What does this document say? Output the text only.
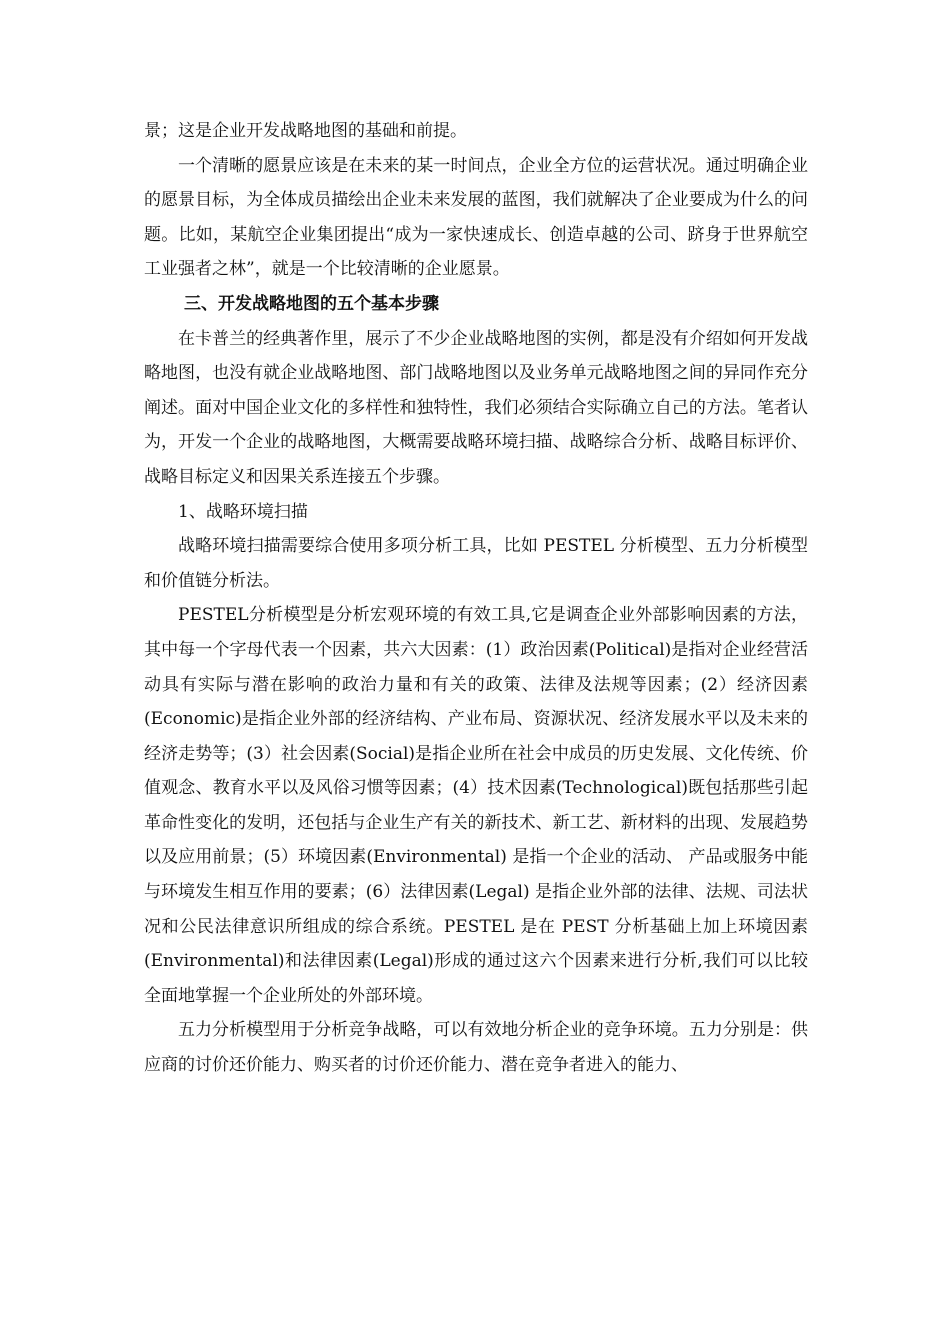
景；这是企业开发战略地图的基础和前提。

一个清晰的愿景应该是在未来的某一时间点，企业全方位的运营状况。通过明确企业的愿景目标，为全体成员描绘出企业未来发展的蓝图，我们就解决了企业要成为什么的问题。比如，某航空企业集团提出“成为一家快速成长、创造卓越的公司、跻身于世界航空工业强者之林”，就是一个比较清晰的企业愿景。

三、开发战略地图的五个基本步骤

在卡普兰的经典著作里，展示了不少企业战略地图的实例，都是没有介绍如何开发战略地图，也没有就企业战略地图、部门战略地图以及业务单元战略地图之间的异同作充分阐述。面对中国企业文化的多样性和独特性，我们必须结合实际确立自己的方法。笔者认为，开发一个企业的战略地图，大概需要战略环境扫描、战略综合分析、战略目标评价、战略目标定义和因果关系连接五个步骤。

1、战略环境扫描

战略环境扫描需要综合使用多项分析工具，比如 PESTEL 分析模型、五力分析模型和价值链分析法。

PESTEL分析模型是分析宏观环境的有效工具,它是调查企业外部影响因素的方法，其中每一个字母代表一个因素，共六大因素：(1）政治因素(Political)是指对企业经营活动具有实际与潜在影响的政治力量和有关的政策、法律及法规等因素；(2）经济因素(Economic)是指企业外部的经济结构、产业布局、资源状况、经济发展水平以及未来的经济走势等；(3）社会因素(Social)是指企业所在社会中成员的历史发展、文化传统、价值观念、教育水平以及风俗习惯等因素；(4）技术因素(Technological)既包括那些引起革命性变化的发明，还包括与企业生产有关的新技术、新工艺、新材料的出现、发展趋势以及应用前景；(5）环境因素(Environmental) 是指一个企业的活动、 产品或服务中能与环境发生相互作用的要素；(6）法律因素(Legal) 是指企业外部的法律、法规、司法状况和公民法律意识所组成的综合系统。PESTEL 是在 PEST 分析基础上加上环境因素(Environmental)和法律因素(Legal)形成的通过这六个因素来进行分析,我们可以比较全面地掌握一个企业所处的外部环境。

五力分析模型用于分析竞争战略，可以有效地分析企业的竞争环境。五力分别是：供应商的讨价还价能力、购买者的讨价还价能力、潜在竞争者进入的能力、
